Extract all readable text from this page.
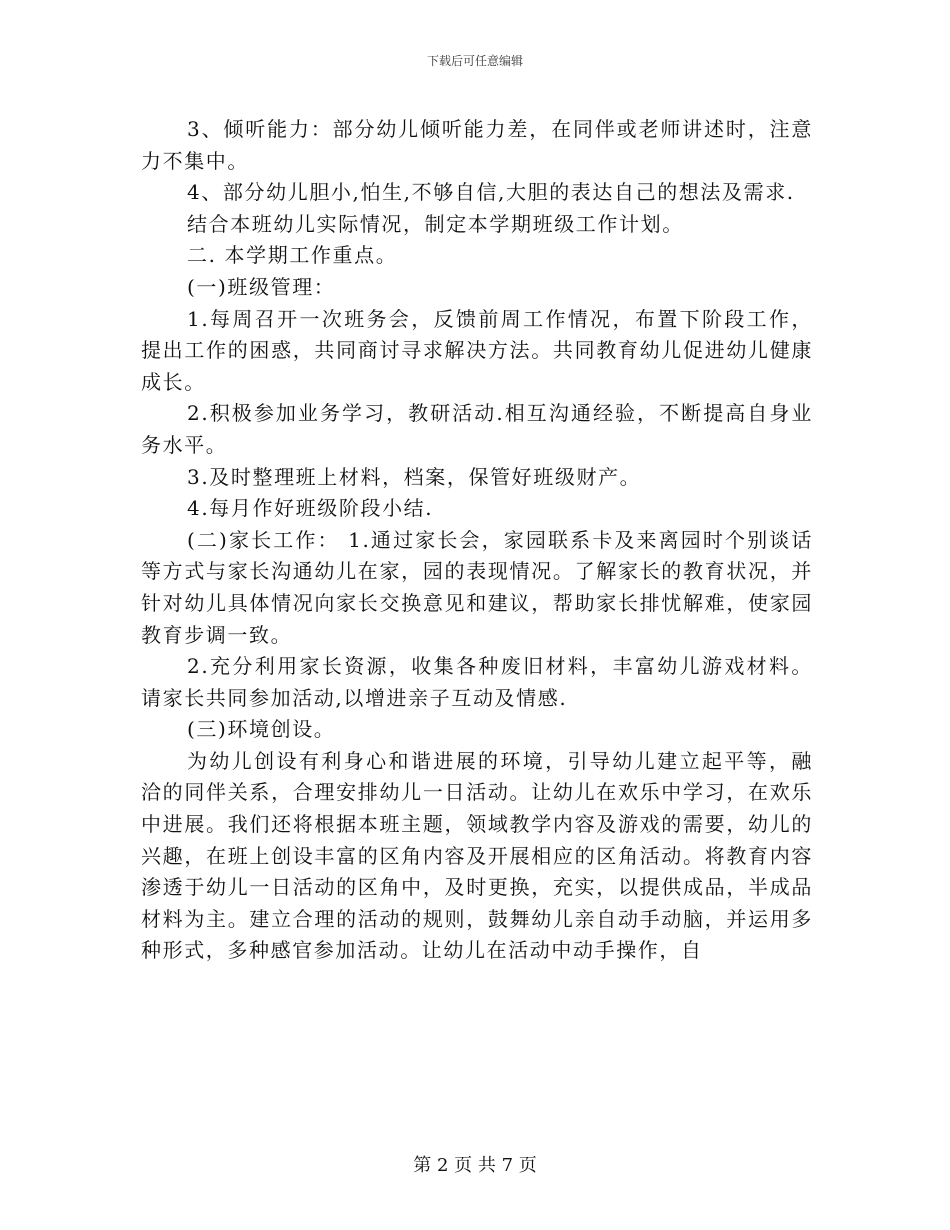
下载后可任意编辑

3、倾听能力：部分幼儿倾听能力差，在同伴或老师讲述时，注意力不集中。

4、部分幼儿胆小,怕生,不够自信,大胆的表达自己的想法及需求.

结合本班幼儿实际情况，制定本学期班级工作计划。

二. 本学期工作重点。

(一)班级管理：

1.每周召开一次班务会，反馈前周工作情况，布置下阶段工作，提出工作的困惑，共同商讨寻求解决方法。共同教育幼儿促进幼儿健康成长。

2.积极参加业务学习，教研活动.相互沟通经验，不断提高自身业务水平。

3.及时整理班上材料，档案，保管好班级财产。

4.每月作好班级阶段小结.

(二)家长工作： 1.通过家长会，家园联系卡及来离园时个别谈话等方式与家长沟通幼儿在家，园的表现情况。了解家长的教育状况，并针对幼儿具体情况向家长交换意见和建议，帮助家长排忧解难，使家园教育步调一致。

2.充分利用家长资源，收集各种废旧材料，丰富幼儿游戏材料。请家长共同参加活动,以增进亲子互动及情感.

(三)环境创设。

为幼儿创设有利身心和谐进展的环境，引导幼儿建立起平等，融洽的同伴关系，合理安排幼儿一日活动。让幼儿在欢乐中学习，在欢乐中进展。我们还将根据本班主题，领域教学内容及游戏的需要，幼儿的兴趣，在班上创设丰富的区角内容及开展相应的区角活动。将教育内容渗透于幼儿一日活动的区角中，及时更换，充实，以提供成品，半成品材料为主。建立合理的活动的规则，鼓舞幼儿亲自动手动脑，并运用多种形式，多种感官参加活动。让幼儿在活动中动手操作，自

第 2 页 共 7 页
